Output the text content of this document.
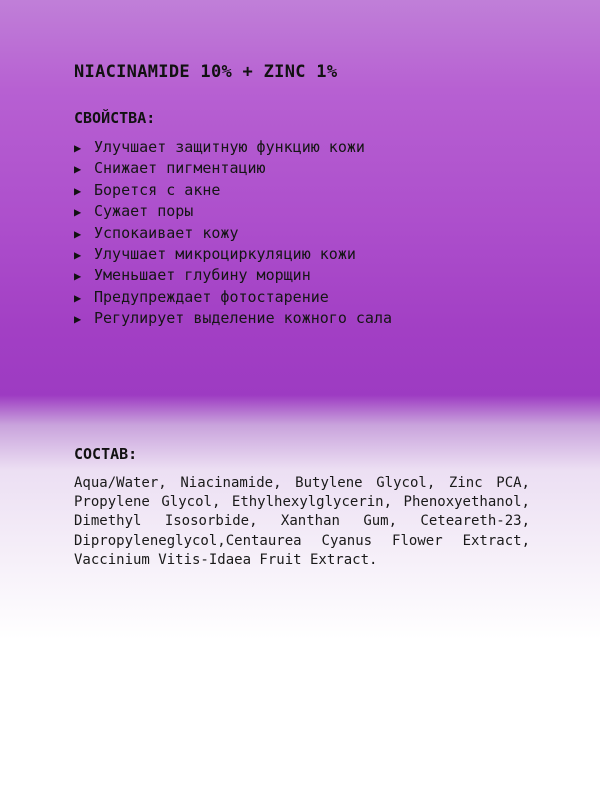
NIACINAMIDE 10% + ZINC 1%
СВОЙСТВА:
▶ Улучшает защитную функцию кожи
▶ Снижает пигментацию
▶ Борется с акне
▶ Сужает поры
▶ Успокаивает кожу
▶ Улучшает микроциркуляцию кожи
▶ Уменьшает глубину морщин
▶ Предупреждает фотостарение
▶ Регулирует выделение кожного сала
СОСТАВ:

Aqua/Water, Niacinamide, Butylene Glycol, Zinc PCA, Propylene Glycol, Ethylhexylglycerin, Phenoxyethanol, Dimethyl Isosorbide, Xanthan Gum, Ceteareth-23, Dipropyleneglycol,Centaurea Cyanus Flower Extract, Vaccinium Vitis-Idaea Fruit Extract.
